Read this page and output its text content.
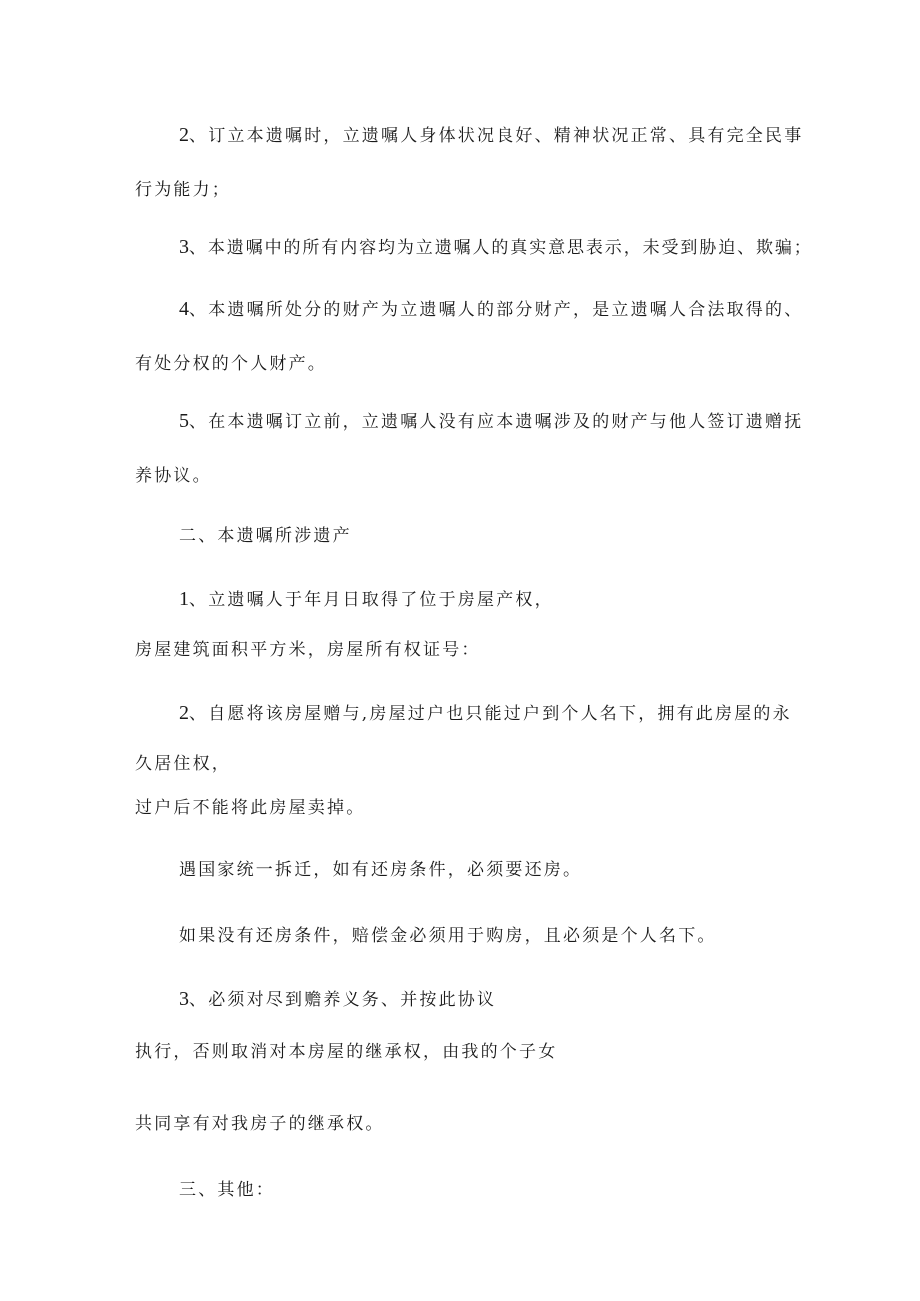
2、订立本遗嘱时，立遗嘱人身体状况良好、精神状况正常、具有完全民事

行为能力；

3、本遗嘱中的所有内容均为立遗嘱人的真实意思表示，未受到胁迫、欺骗；

4、本遗嘱所处分的财产为立遗嘱人的部分财产，是立遗嘱人合法取得的、

有处分权的个人财产。

5、在本遗嘱订立前，立遗嘱人没有应本遗嘱涉及的财产与他人签订遗赠抚

养协议。

二、本遗嘱所涉遗产

1、立遗嘱人于年月日取得了位于房屋产权，

房屋建筑面积平方米，房屋所有权证号：

2、自愿将该房屋赠与,房屋过户也只能过户到个人名下，拥有此房屋的永

久居住权，

过户后不能将此房屋卖掉。

遇国家统一拆迁，如有还房条件，必须要还房。

如果没有还房条件，赔偿金必须用于购房，且必须是个人名下。

3、必须对尽到赡养义务、并按此协议

执行，否则取消对本房屋的继承权，由我的个子女

共同享有对我房子的继承权。

三、其他：
